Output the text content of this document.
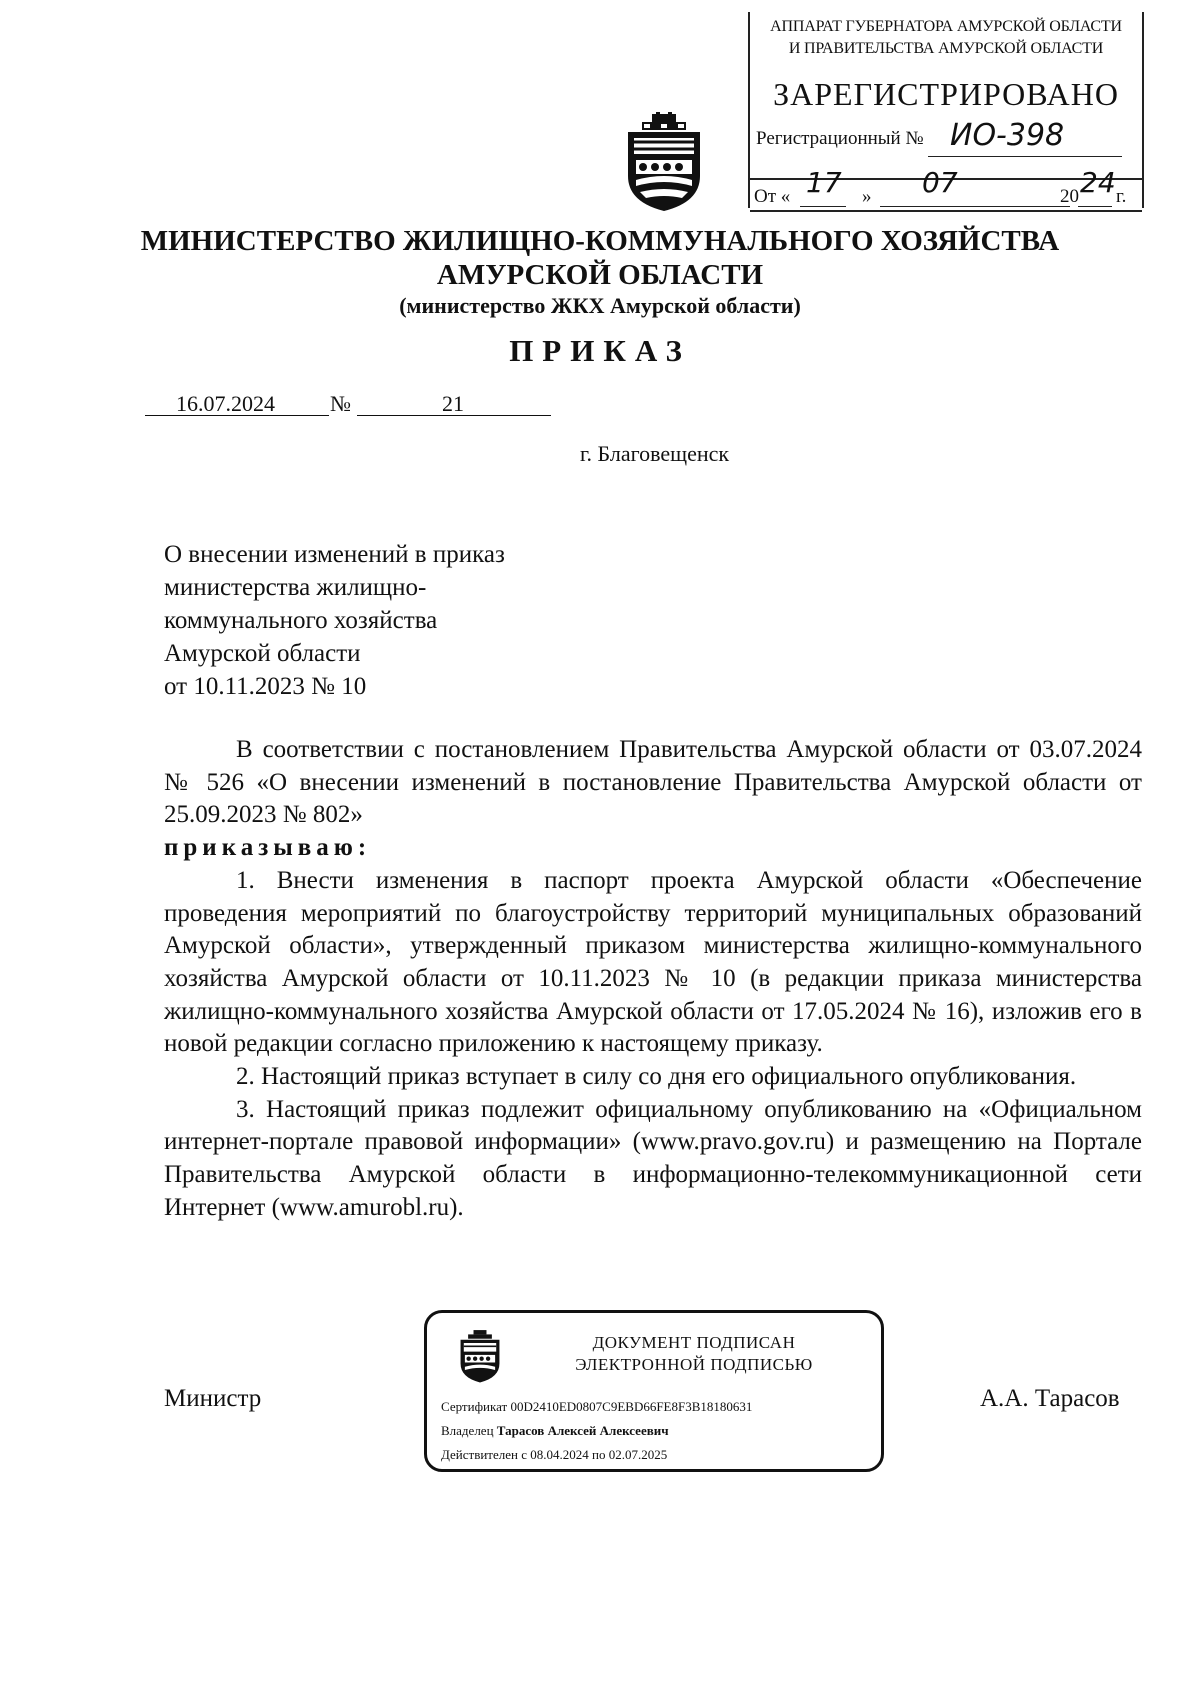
АППАРАТ ГУБЕРНАТОРА АМУРСКОЙ ОБЛАСТИ
И ПРАВИТЕЛЬСТВА АМУРСКОЙ ОБЛАСТИ
ЗАРЕГИСТРИРОВАНО
Регистрационный № ИО-398
От « 17 » 07	20 24 г.
МИНИСТЕРСТВО ЖИЛИЩНО-КОММУНАЛЬНОГО ХОЗЯЙСТВА
АМУРСКОЙ ОБЛАСТИ
(министерство ЖКХ Амурской области)
ПРИКАЗ
16.07.2024	№	21
г. Благовещенск
О внесении изменений в приказ
министерства жилищно-
коммунального хозяйства
Амурской области
от 10.11.2023 № 10

В соответствии с постановлением Правительства Амурской области от 03.07.2024 № 526 «О внесении изменений в постановление Правительства Амурской области от 25.09.2023 № 802»

приказываю:

1. Внести изменения в паспорт проекта Амурской области «Обеспечение проведения мероприятий по благоустройству территорий муниципальных образований Амурской области», утвержденный приказом министерства жилищно-коммунального хозяйства Амурской области от 10.11.2023 № 10 (в редакции приказа министерства жилищно-коммунального хозяйства Амурской области от 17.05.2024 № 16), изложив его в новой редакции согласно приложению к настоящему приказу.

2. Настоящий приказ вступает в силу со дня его официального опубликования.

3. Настоящий приказ подлежит официальному опубликованию на «Официальном интернет-портале правовой информации» (www.pravo.gov.ru) и размещению на Портале Правительства Амурской области в информационно-телекоммуникационной сети Интернет (www.amurobl.ru).

Министр	А.А. Тарасов
ДОКУМЕНТ ПОДПИСАН
ЭЛЕКТРОННОЙ ПОДПИСЬЮ
Сертификат 00D2410ED0807C9EBD66FE8F3B18180631
Владелец Тарасов Алексей Алексеевич
Действителен с 08.04.2024 по 02.07.2025
